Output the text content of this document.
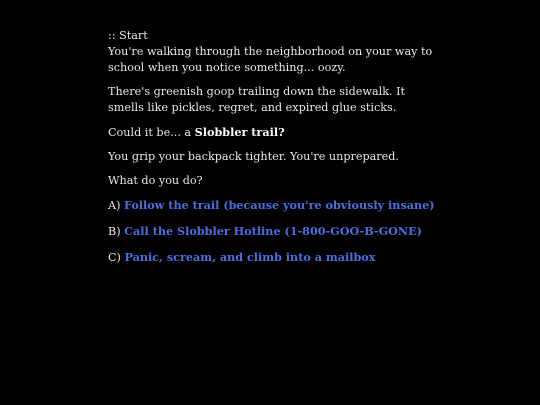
:: Start

You're walking through the neighborhood on your way to school when you notice something... oozy.

There's greenish goop trailing down the sidewalk. It smells like pickles, regret, and expired glue sticks.

Could it be... a Slobbler trail?

You grip your backpack tighter. You're unprepared.

What do you do?

A) Follow the trail (because you're obviously insane)
B) Call the Slobbler Hotline (1-800-GOO-B-GONE)
C) Panic, scream, and climb into a mailbox
